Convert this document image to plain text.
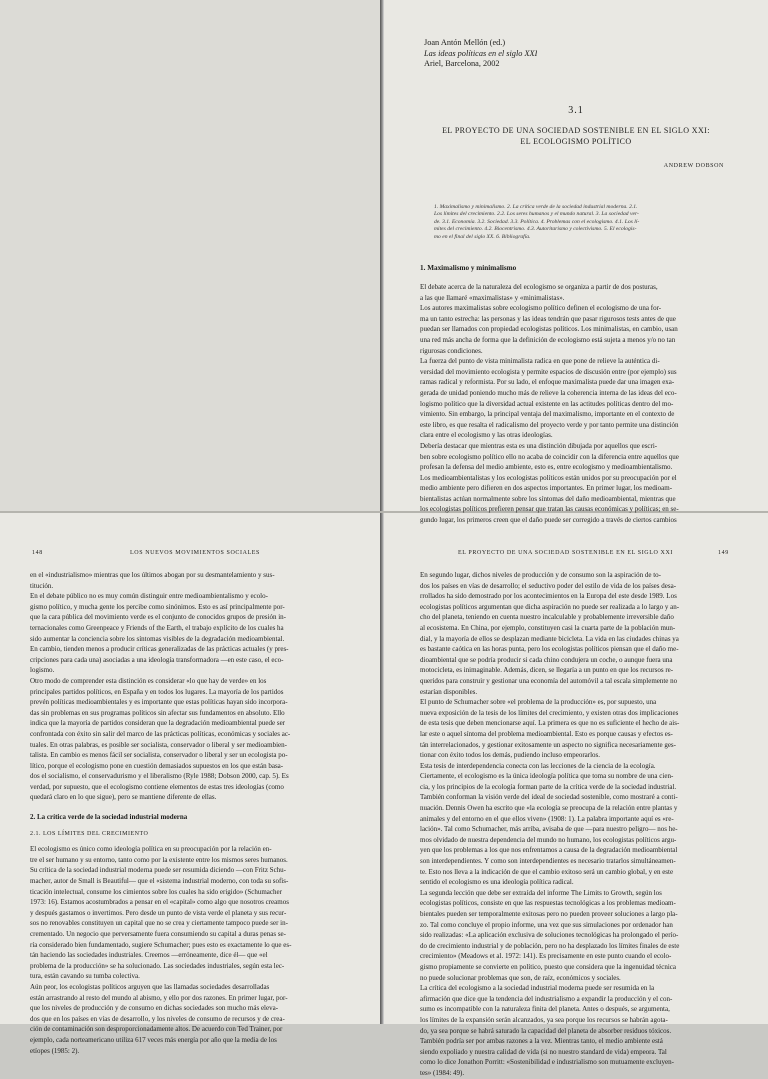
Joan Antón Mellón (ed.)

Las ideas políticas en el siglo XXI

Ariel, Barcelona, 2002

3.1

EL PROYECTO DE UNA SOCIEDAD SOSTENIBLE EN EL SIGLO XXI:

EL ECOLOGISMO POLÍTICO

ANDREW DOBSON

1. Maximalismo y minimalismo. 2. La crítica verde de la sociedad industrial moderna. 2.1.

Los límites del crecimiento. 2.2. Los seres humanos y el mundo natural. 3. La sociedad ver-

de. 3.1. Economía. 3.2. Sociedad. 3.3. Política. 4. Problemas con el ecologismo. 4.1. Los lí-

mites del crecimiento. 4.2. Biocentrismo. 4.3. Autoritarismo y colectivismo. 5. El ecologis-

mo en el final del siglo XX. 6. Bibliografía.

1. Maximalismo y minimalismo

El debate acerca de la naturaleza del ecologismo se organiza a partir de dos posturas,

a las que llamaré «maximalistas» y «minimalistas».

Los autores maximalistas sobre ecologismo político definen el ecologismo de una for-

ma un tanto estrecha: las personas y las ideas tendrán que pasar rigurosos tests antes de que

puedan ser llamados con propiedad ecologistas políticos. Los minimalistas, en cambio, usan

una red más ancha de forma que la definición de ecologismo está sujeta a menos y/o no tan

rigurosas condiciones.

La fuerza del punto de vista minimalista radica en que pone de relieve la auténtica di-

versidad del movimiento ecologista y permite espacios de discusión entre (por ejemplo) sus

ramas radical y reformista. Por su lado, el enfoque maximalista puede dar una imagen exa-

gerada de unidad poniendo mucho más de relieve la coherencia interna de las ideas del eco-

logismo político que la diversidad actual existente en las actitudes políticas dentro del mo-

vimiento. Sin embargo, la principal ventaja del maximalismo, importante en el contexto de

este libro, es que resalta el radicalismo del proyecto verde y por tanto permite una distinción

clara entre el ecologismo y las otras ideologías.

Debería destacar que mientras esta es una distinción dibujada por aquellos que escri-

ben sobre ecologismo político ello no acaba de coincidir con la diferencia entre aquellos que

profesan la defensa del medio ambiente, esto es, entre ecologismo y medioambientalismo.

Los medioambientalistas y los ecologistas políticos están unidos por su preocupación por el

medio ambiente pero difieren en dos aspectos importantes. En primer lugar, los medioam-

bientalistas actúan normalmente sobre los síntomas del daño medioambiental, mientras que

los ecologistas políticos prefieren pensar que tratan las causas económicas y políticas; en se-

gundo lugar, los primeros creen que el daño puede ser corregido a través de ciertos cambios

148	LOS NUEVOS MOVIMIENTOS SOCIALES

en el «industrialismo» mientras que los últimos abogan por su desmantelamiento y sus-

titución.

En el debate público no es muy común distinguir entre medioambientalismo y ecolo-

gismo político, y mucha gente los percibe como sinónimos. Esto es así principalmente por-

que la cara pública del movimiento verde es el conjunto de conocidos grupos de presión in-

ternacionales como Greenpeace y Friends of the Earth, el trabajo explícito de los cuales ha

sido aumentar la conciencia sobre los síntomas visibles de la degradación medioambiental.

En cambio, tienden menos a producir críticas generalizadas de las prácticas actuales (y pres-

cripciones para cada una) asociadas a una ideología transformadora —en este caso, el eco-

logismo.

Otro modo de comprender esta distinción es considerar «lo que hay de verde» en los

principales partidos políticos, en España y en todos los lugares. La mayoría de los partidos

prevén políticas medioambientales y es importante que estas políticas hayan sido incorpora-

das sin problemas en sus programas políticos sin afectar sus fundamentos en absoluto. Ello

indica que la mayoría de partidos consideran que la degradación medioambiental puede ser

confrontada con éxito sin salir del marco de las prácticas políticas, económicas y sociales ac-

tuales. En otras palabras, es posible ser socialista, conservador o liberal y ser medioambien-

talista. En cambio es menos fácil ser socialista, conservador o liberal y ser un ecologista po-

lítico, porque el ecologismo pone en cuestión demasiados supuestos en los que están basa-

dos el socialismo, el conservadurismo y el liberalismo (Ryle 1988; Dobson 2000, cap. 5). Es

verdad, por supuesto, que el ecologismo contiene elementos de estas tres ideologías (como

quedará claro en lo que sigue), pero se mantiene diferente de ellas.

2. La crítica verde de la sociedad industrial moderna

2.1. LOS LÍMITES DEL CRECIMIENTO

El ecologismo es único como ideología política en su preocupación por la relación en-

tre el ser humano y su entorno, tanto como por la existente entre los mismos seres humanos.

Su crítica de la sociedad industrial moderna puede ser resumida diciendo —con Fritz Schu-

macher, autor de Small is Beautiful— que el «sistema industrial moderno, con toda su sofis-

ticación intelectual, consume los cimientos sobre los cuales ha sido erigido» (Schumacher

1973: 16). Estamos acostumbrados a pensar en el «capital» como algo que nosotros creamos

y después gastamos o invertimos. Pero desde un punto de vista verde el planeta y sus recur-

sos no renovables constituyen un capital que no se crea y ciertamente tampoco puede ser in-

crementado. Un negocio que perversamente fuera consumiendo su capital a duras penas se-

ría considerado bien fundamentado, sugiere Schumacher; pues esto es exactamente lo que es-

tán haciendo las sociedades industriales. Creemos —erróneamente, dice él— que «el

problema de la producción» se ha solucionado. Las sociedades industriales, según esta lec-

tura, están cavando su tumba colectiva.

Aún peor, los ecologistas políticos arguyen que las llamadas sociedades desarrolladas

están arrastrando al resto del mundo al abismo, y ello por dos razones. En primer lugar, por-

que los niveles de producción y de consumo en dichas sociedades son mucho más eleva-

dos que en los países en vías de desarrollo, y los niveles de consumo de recursos y de crea-

ción de contaminación son desproporcionadamente altos. De acuerdo con Ted Trainer, por

ejemplo, cada norteamericano utiliza 617 veces más energía por año que la media de los

etíopes (1985: 2).

EL PROYECTO DE UNA SOCIEDAD SOSTENIBLE EN EL SIGLO XXI	149

En segundo lugar, dichos niveles de producción y de consumo son la aspiración de to-

dos los países en vías de desarrollo; el seductivo poder del estilo de vida de los países desa-

rrollados ha sido demostrado por los acontecimientos en la Europa del este desde 1989. Los

ecologistas políticos argumentan que dicha aspiración no puede ser realizada a lo largo y an-

cho del planeta, teniendo en cuenta nuestro incalculable y probablemente irreversible daño

al ecosistema. En China, por ejemplo, constituyen casi la cuarta parte de la población mun-

dial, y la mayoría de ellos se desplazan mediante bicicleta. La vida en las ciudades chinas ya

es bastante caótica en las horas punta, pero los ecologistas políticos piensan que el daño me-

dioambiental que se podría producir si cada chino condujera un coche, o aunque fuera una

motocicleta, es inimaginable. Además, dicen, se llegaría a un punto en que los recursos re-

queridos para construir y gestionar una economía del automóvil a tal escala simplemente no

estarían disponibles.

El punto de Schumacher sobre «el problema de la producción» es, por supuesto, una

nueva exposición de la tesis de los límites del crecimiento, y existen otras dos implicaciones

de esta tesis que deben mencionarse aquí. La primera es que no es suficiente el hecho de ais-

lar este o aquel síntoma del problema medioambiental. Esto es porque causas y efectos es-

tán interrelacionados, y gestionar exitosamente un aspecto no significa necesariamente ges-

tionar con éxito todos los demás, pudiendo incluso empeorarlos.

Esta tesis de interdependencia conecta con las lecciones de la ciencia de la ecología.

Ciertamente, el ecologismo es la única ideología política que toma su nombre de una cien-

cia, y los principios de la ecología forman parte de la crítica verde de la sociedad industrial.

También conforman la visión verde del ideal de sociedad sostenible, como mostraré a conti-

nuación. Dennis Owen ha escrito que «la ecología se preocupa de la relación entre plantas y

animales y del entorno en el que ellos viven» (1908: 1). La palabra importante aquí es «re-

lación». Tal como Schumacher, más arriba, avisaba de que —para nuestro peligro— nos he-

mos olvidado de nuestra dependencia del mundo no humano, los ecologistas políticos argu-

yen que los problemas a los que nos enfrentamos a causa de la degradación medioambiental

son interdependientes. Y como son interdependientes es necesario tratarlos simultáneamen-

te. Esto nos lleva a la indicación de que el cambio exitoso será un cambio global, y en este

sentido el ecologismo es una ideología política radical.

La segunda lección que debe ser extraída del informe The Limits to Growth, según los

ecologistas políticos, consiste en que las respuestas tecnológicas a los problemas medioam-

bientales pueden ser temporalmente exitosas pero no pueden proveer soluciones a largo pla-

zo. Tal como concluye el propio informe, una vez que sus simulaciones por ordenador han

sido realizadas: «La aplicación exclusiva de soluciones tecnológicas ha prolongado el perío-

do de crecimiento industrial y de población, pero no ha desplazado los límites finales de este

crecimiento» (Meadows et al. 1972: 141). Es precisamente en este punto cuando el ecolo-

gismo propiamente se convierte en político, puesto que considera que la ingenuidad técnica

no puede solucionar problemas que son, de raíz, económicos y sociales.

La crítica del ecologismo a la sociedad industrial moderna puede ser resumida en la

afirmación que dice que la tendencia del industrialismo a expandir la producción y el con-

sumo es incompatible con la naturaleza finita del planeta. Antes o después, se argumenta,

los límites de la expansión serán alcanzados, ya sea porque los recursos se habrán agota-

do, ya sea porque se habrá saturado la capacidad del planeta de absorber residuos tóxicos.

También podría ser por ambas razones a la vez. Mientras tanto, el medio ambiente está

siendo expoliado y nuestra calidad de vida (si no nuestro standard de vida) empeora. Tal

como lo dice Jonathon Porritt: «Sostenibilidad e industrialismo son mutuamente excluyen-

tes» (1984: 49).
